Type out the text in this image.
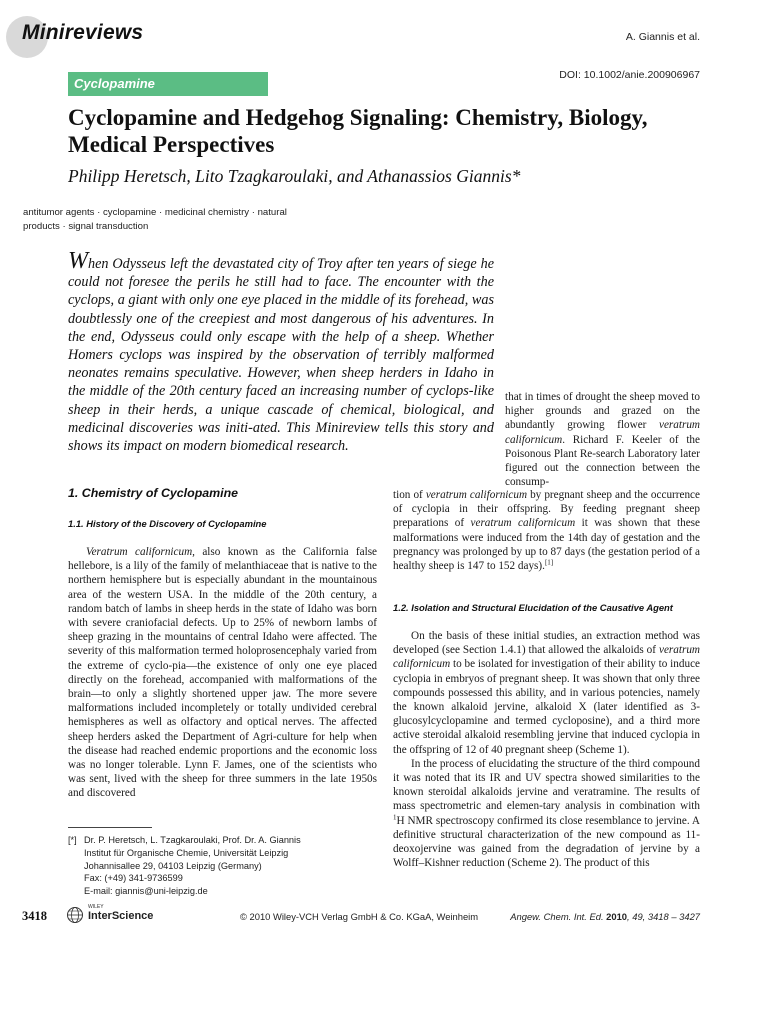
Minireviews	A. Giannis et al.
Cyclopamine
DOI: 10.1002/anie.200906967
Cyclopamine and Hedgehog Signaling: Chemistry, Biology, Medical Perspectives
Philipp Heretsch, Lito Tzagkaroulaki, and Athanassios Giannis*
antitumor agents · cyclopamine · medicinal chemistry · natural products · signal transduction

When Odysseus left the devastated city of Troy after ten years of siege he could not foresee the perils he still had to face. The encounter with the cyclops, a giant with only one eye placed in the middle of its forehead, was doubtlessly one of the creepiest and most dangerous of his adventures. In the end, Odysseus could only escape with the help of a sheep. Whether Homers cyclops was inspired by the observation of terribly malformed neonates remains speculative. However, when sheep herders in Idaho in the middle of the 20th century faced an increasing number of cyclops-like sheep in their herds, a unique cascade of chemical, biological, and medicinal discoveries was initi-ated. This Minireview tells this story and shows its impact on modern biomedical research.

that in times of drought the sheep moved to higher grounds and grazed on the abundantly growing flower veratrum californicum. Richard F. Keeler of the Poisonous Plant Re-search Laboratory later figured out the connection between the consump-

tion of veratrum californicum by pregnant sheep and the occurrence of cyclopia in their offspring. By feeding pregnant sheep preparations of veratrum californicum it was shown that these malformations were induced from the 14th day of gestation and the pregnancy was prolonged by up to 87 days (the gestation period of a healthy sheep is 147 to 152 days).[1]

1. Chemistry of Cyclopamine
1.1. History of the Discovery of Cyclopamine

Veratrum californicum, also known as the California false hellebore, is a lily of the family of melanthiaceae that is native to the northern hemisphere but is especially abundant in the mountainous area of the western USA. In the middle of the 20th century, a random batch of lambs in sheep herds in the state of Idaho was born with severe craniofacial defects. Up to 25% of newborn lambs of sheep grazing in the mountains of central Idaho were affected. The severity of this malformation termed holoprosencephaly varied from the extreme of cyclo-pia—the existence of only one eye placed directly on the forehead, accompanied with malformations of the brain—to only a slightly shortened upper jaw. The more severe malformations included incompletely or totally undivided cerebral hemispheres as well as olfactory and optical nerves. The affected sheep herders asked the Department of Agri-culture for help when the disease had reached endemic proportions and the economic loss was no longer tolerable. Lynn F. James, one of the scientists who was sent, lived with the sheep for three summers in the late 1950s and discovered

1.2. Isolation and Structural Elucidation of the Causative Agent

On the basis of these initial studies, an extraction method was developed (see Section 1.4.1) that allowed the alkaloids of veratrum californicum to be isolated for investigation of their ability to induce cyclopia in embryos of pregnant sheep. It was shown that only three compounds possessed this ability, and in various potencies, namely the known alkaloid jervine, alkaloid X (later identified as 3-glucosylcyclopamine and termed cycloposine), and a third more active steroidal alkaloid resembling jervine that induced cyclopia in the offspring of 12 of 40 pregnant sheep (Scheme 1).

In the process of elucidating the structure of the third compound it was noted that its IR and UV spectra showed similarities to the known steroidal alkaloids jervine and veratramine. The results of mass spectrometric and elemen-tary analysis in combination with $^1$H NMR spectroscopy confirmed its close resemblance to jervine. A definitive structural characterization of the new compound as 11-deoxojervine was gained from the degradation of jervine by a Wolff–Kishner reduction (Scheme 2). The product of this

[*] Dr. P. Heretsch, L. Tzagkaroulaki, Prof. Dr. A. Giannis
Institut für Organische Chemie, Universität Leipzig
Johannisallee 29, 04103 Leipzig (Germany)
Fax: (+49) 341-9736599
E-mail: giannis@uni-leipzig.de
3418
WILEY
InterScience	© 2010 Wiley-VCH Verlag GmbH & Co. KGaA, Weinheim	Angew. Chem. Int. Ed. 2010, 49, 3418 – 3427
